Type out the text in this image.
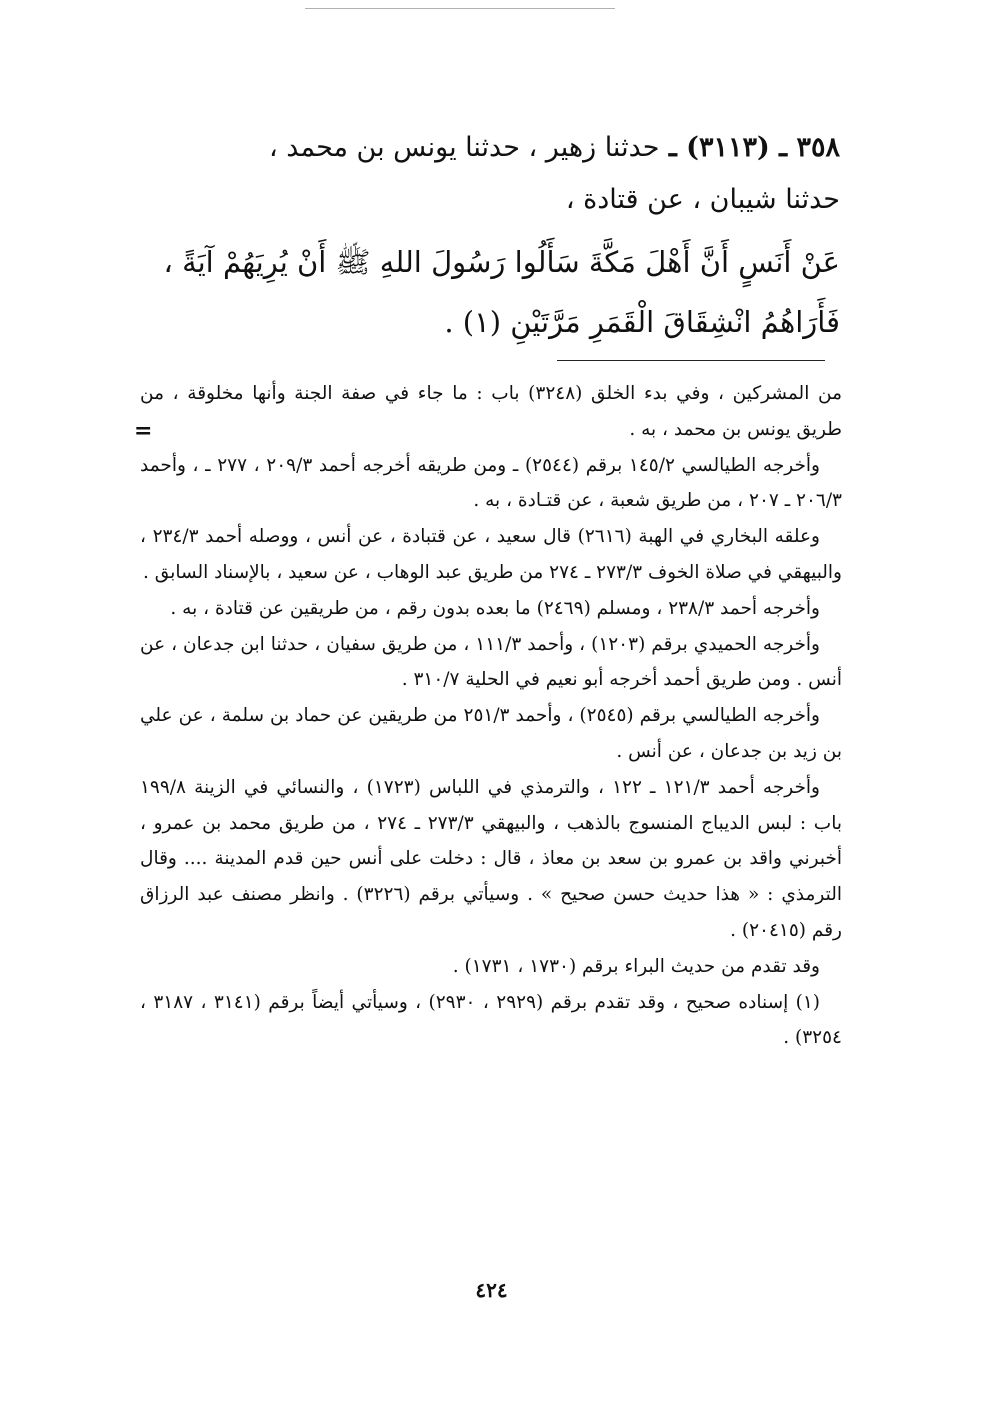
٣٥٨ ـ (٣١١٣) ـ حدثنا زهير ، حدثنا يونس بن محمد ،

حدثنا شيبان ، عن قتادة ،

عَنْ أَنَسٍ أَنَّ أَهْلَ مَكَّةَ سَأَلُوا رَسُولَ اللهِ ﷺ أَنْ يُرِيَهُمْ آيَةً ،
فَأَرَاهُمُ انْشِقَاقَ الْقَمَرِ مَرَّتَيْنِ (١) .

=

من المشركين ، وفي بدء الخلق (٣٢٤٨) باب : ما جاء في صفة الجنة وأنها مخلوقة ، من طريق يونس بن محمد ، به .

وأخرجه الطيالسي ١٤٥/٢ برقم (٢٥٤٤) ـ ومن طريقه أخرجه أحمد ٢٠٩/٣ ، ٢٧٧ ـ ، وأحمد ٢٠٦/٣ ـ ٢٠٧ ، من طريق شعبة ، عن قتـادة ، به .

وعلقه البخاري في الهبة (٢٦١٦) قال سعيد ، عن قتبادة ، عن أنس ، ووصله أحمد ٢٣٤/٣ ، والبيهقي في صلاة الخوف ٢٧٣/٣ ـ ٢٧٤ من طريق عبد الوهاب ، عن سعيد ، بالإسناد السابق .

وأخرجه أحمد ٢٣٨/٣ ، ومسلم (٢٤٦٩) ما بعده بدون رقم ، من طريقين عن قتادة ، به .

وأخرجه الحميدي برقم (١٢٠٣) ، وأحمد ١١١/٣ ، من طريق سفيان ، حدثنا ابن جدعان ، عن أنس . ومن طريق أحمد أخرجه أبو نعيم في الحلية ٣١٠/٧ .

وأخرجه الطيالسي برقم (٢٥٤٥) ، وأحمد ٢٥١/٣ من طريقين عن حماد بن سلمة ، عن علي بن زيد بن جدعان ، عن أنس .

وأخرجه أحمد ١٢١/٣ ـ ١٢٢ ، والترمذي في اللباس (١٧٢٣) ، والنسائي في الزينة ١٩٩/٨ باب : لبس الديباج المنسوج بالذهب ، والبيهقي ٢٧٣/٣ ـ ٢٧٤ ، من طريق محمد بن عمرو ، أخبرني واقد بن عمرو بن سعد بن معاذ ، قال : دخلت على أنس حين قدم المدينة .... وقال الترمذي : « هذا حديث حسن صحيح » . وسيأتي برقم (٣٢٢٦) . وانظر مصنف عبد الرزاق رقم (٢٠٤١٥) .

وقد تقدم من حديث البراء برقم (١٧٣٠ ، ١٧٣١) .

(١) إسناده صحيح ، وقد تقدم برقم (٢٩٢٩ ، ٢٩٣٠) ، وسيأتي أيضاً برقم (٣١٤١ ، ٣١٨٧ ، ٣٢٥٤) .

٤٢٤
